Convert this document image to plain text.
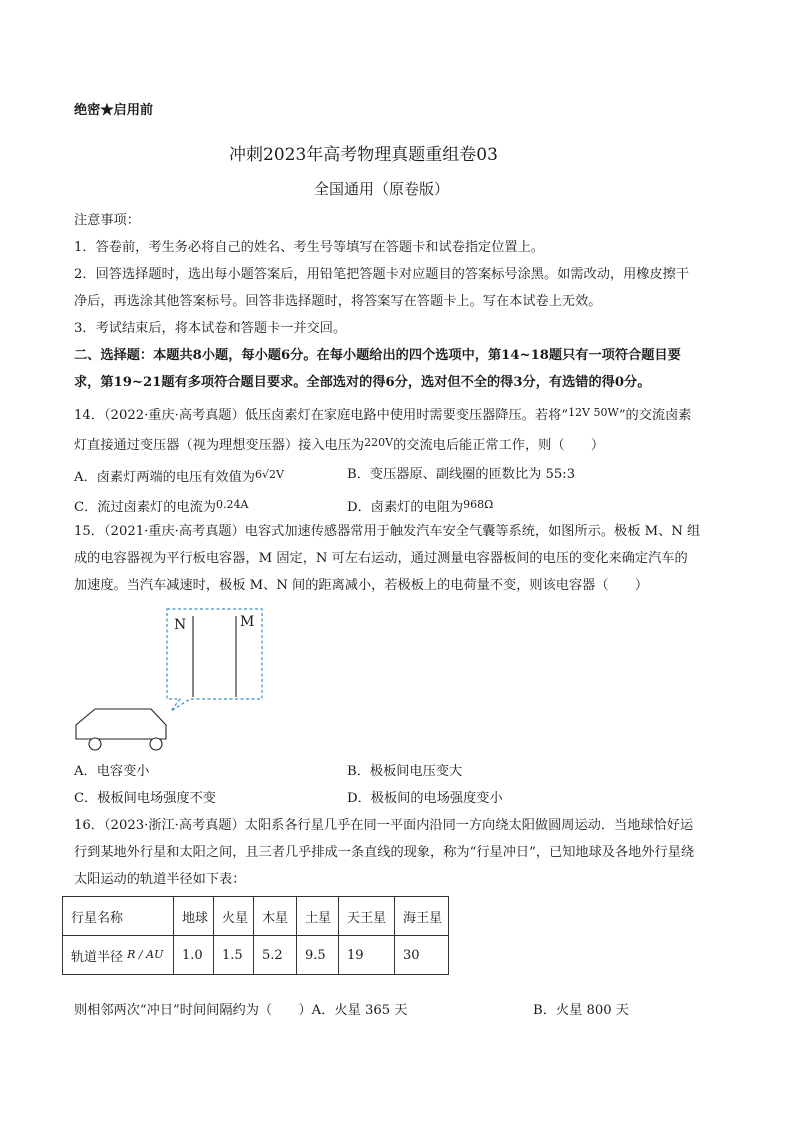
绝密★启用前
冲刺2023年高考物理真题重组卷03
全国通用（原卷版）
注意事项：
1．答卷前，考生务必将自己的姓名、考生号等填写在答题卡和试卷指定位置上。
2．回答选择题时，选出每小题答案后，用铅笔把答题卡对应题目的答案标号涂黑。如需改动，用橡皮擦干
净后，再选涂其他答案标号。回答非选择题时，将答案写在答题卡上。写在本试卷上无效。
3．考试结束后，将本试卷和答题卡一并交回。
二、选择题：本题共8小题，每小题6分。在每小题给出的四个选项中，第14~18题只有一项符合题目要
求，第19~21题有多项符合题目要求。全部选对的得6分，选对但不全的得3分，有选错的得0分。
14．（2022·重庆·高考真题）低压卤素灯在家庭电路中使用时需要变压器降压。若将“$^{12V 50W}$”的交流卤素
灯直接通过变压器（视为理想变压器）接入电压为$^{220V}$的交流电后能正常工作，则（　　）
A．卤素灯两端的电压有效值为$^{6√2V}$	B．变压器原、副线圈的匝数比为 55:3
C．流过卤素灯的电流为$^{0.24A}$	D．卤素灯的电阻为$^{968\Omega}$
15．（2021·重庆·高考真题）电容式加速传感器常用于触发汽车安全气囊等系统，如图所示。极板 M、N 组
成的电容器视为平行板电容器，M 固定，N 可左右运动，通过测量电容器板间的电压的变化来确定汽车的
加速度。当汽车减速时，极板 M、N 间的距离减小，若极板上的电荷量不变，则该电容器（　　）
N	M
A．电容变小	B．极板间电压变大
C．极板间电场强度不变	D．极板间的电场强度变小
16．（2023·浙江·高考真题）太阳系各行星几乎在同一平面内沿同一方向绕太阳做圆周运动．当地球恰好运
行到某地外行星和太阳之间，且三者几乎排成一条直线的现象，称为“行星冲日”，已知地球及各地外行星绕
太阳运动的轨道半径如下表：
行星名称	地球	火星	木星	土星	天王星	海王星
轨道半径 $^{R / AU}$	1.0	1.5	5.2	9.5	19	30
则相邻两次“冲日”时间间隔约为（　　）A．火星 365 天	B．火星 800 天
